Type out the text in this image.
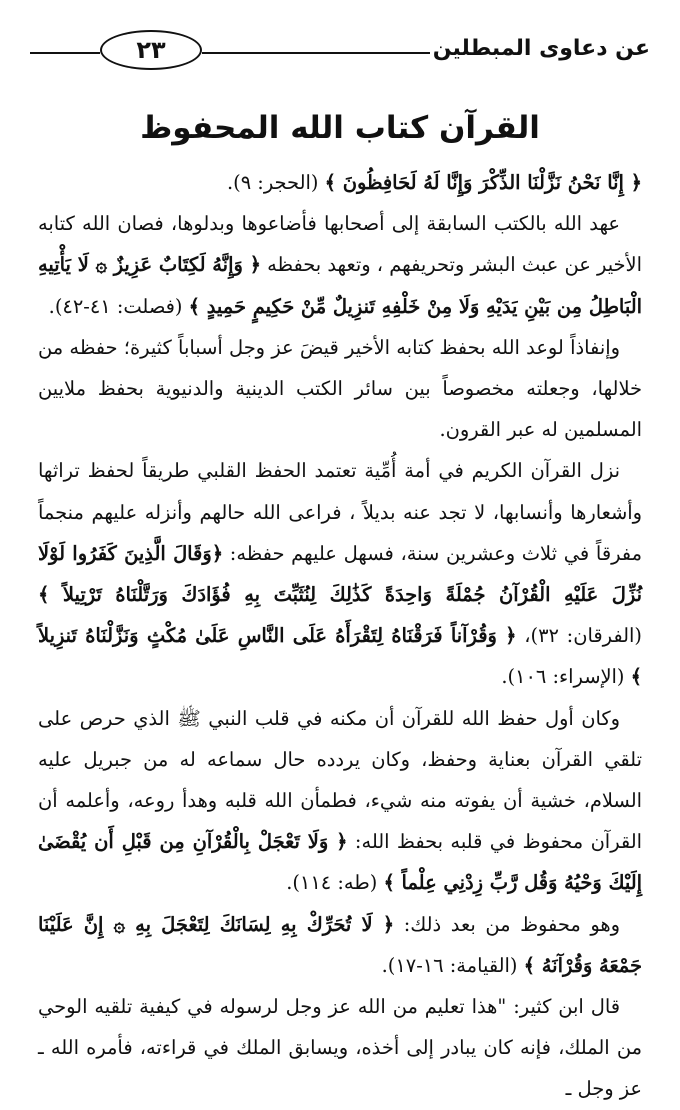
٢٣	عن دعاوى المبطلين
القرآن كتاب الله المحفوظ

﴿ إِنَّا نَحْنُ نَزَّلْنَا الذِّكْرَ وَإِنَّا لَهُ لَحَافِظُونَ ﴾ (الحجر: ٩).

عهد الله بالكتب السابقة إلى أصحابها فأضاعوها وبدلوها، فصان الله كتابه الأخير عن عبث البشر وتحريفهم ، وتعهد بحفظه ﴿ وَإِنَّهُ لَكِتَابٌ عَزِيزٌ ۞ لَا يَأْتِيهِ الْبَاطِلُ مِن بَيْنِ يَدَيْهِ وَلَا مِنْ خَلْفِهِ تَنزِيلٌ مِّنْ حَكِيمٍ حَمِيدٍ ﴾ (فصلت: ٤١-٤٢).

وإنفاذاً لوعد الله بحفظ كتابه الأخير قيضَ عز وجل أسباباً كثيرة؛ حفظه من خلالها، وجعلته مخصوصاً بين سائر الكتب الدينية والدنيوية بحفظ ملايين المسلمين له عبر القرون.

نزل القرآن الكريم في أمة أُمِّية تعتمد الحفظ القلبي طريقاً لحفظ تراثها وأشعارها وأنسابها، لا تجد عنه بديلاً ، فراعى الله حالهم وأنزله عليهم منجماً مفرقاً في ثلاث وعشرين سنة، فسهل عليهم حفظه: ﴿وَقَالَ الَّذِينَ كَفَرُوا لَوْلَا نُزِّلَ عَلَيْهِ الْقُرْآنُ جُمْلَةً وَاحِدَةً كَذَٰلِكَ لِنُثَبِّتَ بِهِ فُؤَادَكَ وَرَتَّلْنَاهُ تَرْتِيلاً ﴾ (الفرقان: ٣٢)، ﴿ وَقُرْآناً فَرَقْنَاهُ لِتَقْرَأَهُ عَلَى النَّاسِ عَلَىٰ مُكْثٍ وَنَزَّلْنَاهُ تَنزِيلاً ﴾ (الإسراء: ١٠٦).

وكان أول حفظ الله للقرآن أن مكنه في قلب النبي ﷺ الذي حرص على تلقي القرآن بعناية وحفظ، وكان يردده حال سماعه له من جبريل عليه السلام، خشية أن يفوته منه شيء، فطمأن الله قلبه وهدأ روعه، وأعلمه أن القرآن محفوظ في قلبه بحفظ الله: ﴿ وَلَا تَعْجَلْ بِالْقُرْآنِ مِن قَبْلِ أَن يُقْضَىٰ إِلَيْكَ وَحْيُهُ وَقُل رَّبِّ زِدْنِي عِلْماً ﴾ (طه: ١١٤).

وهو محفوظ من بعد ذلك: ﴿ لَا تُحَرِّكْ بِهِ لِسَانَكَ لِتَعْجَلَ بِهِ ۞ إِنَّ عَلَيْنَا جَمْعَهُ وَقُرْآنَهُ ﴾ (القيامة: ١٦-١٧).

قال ابن كثير: "هذا تعليم من الله عز وجل لرسوله في كيفية تلقيه الوحي من الملك، فإنه كان يبادر إلى أخذه، ويسابق الملك في قراءته، فأمره الله ـ عز وجل ـ
